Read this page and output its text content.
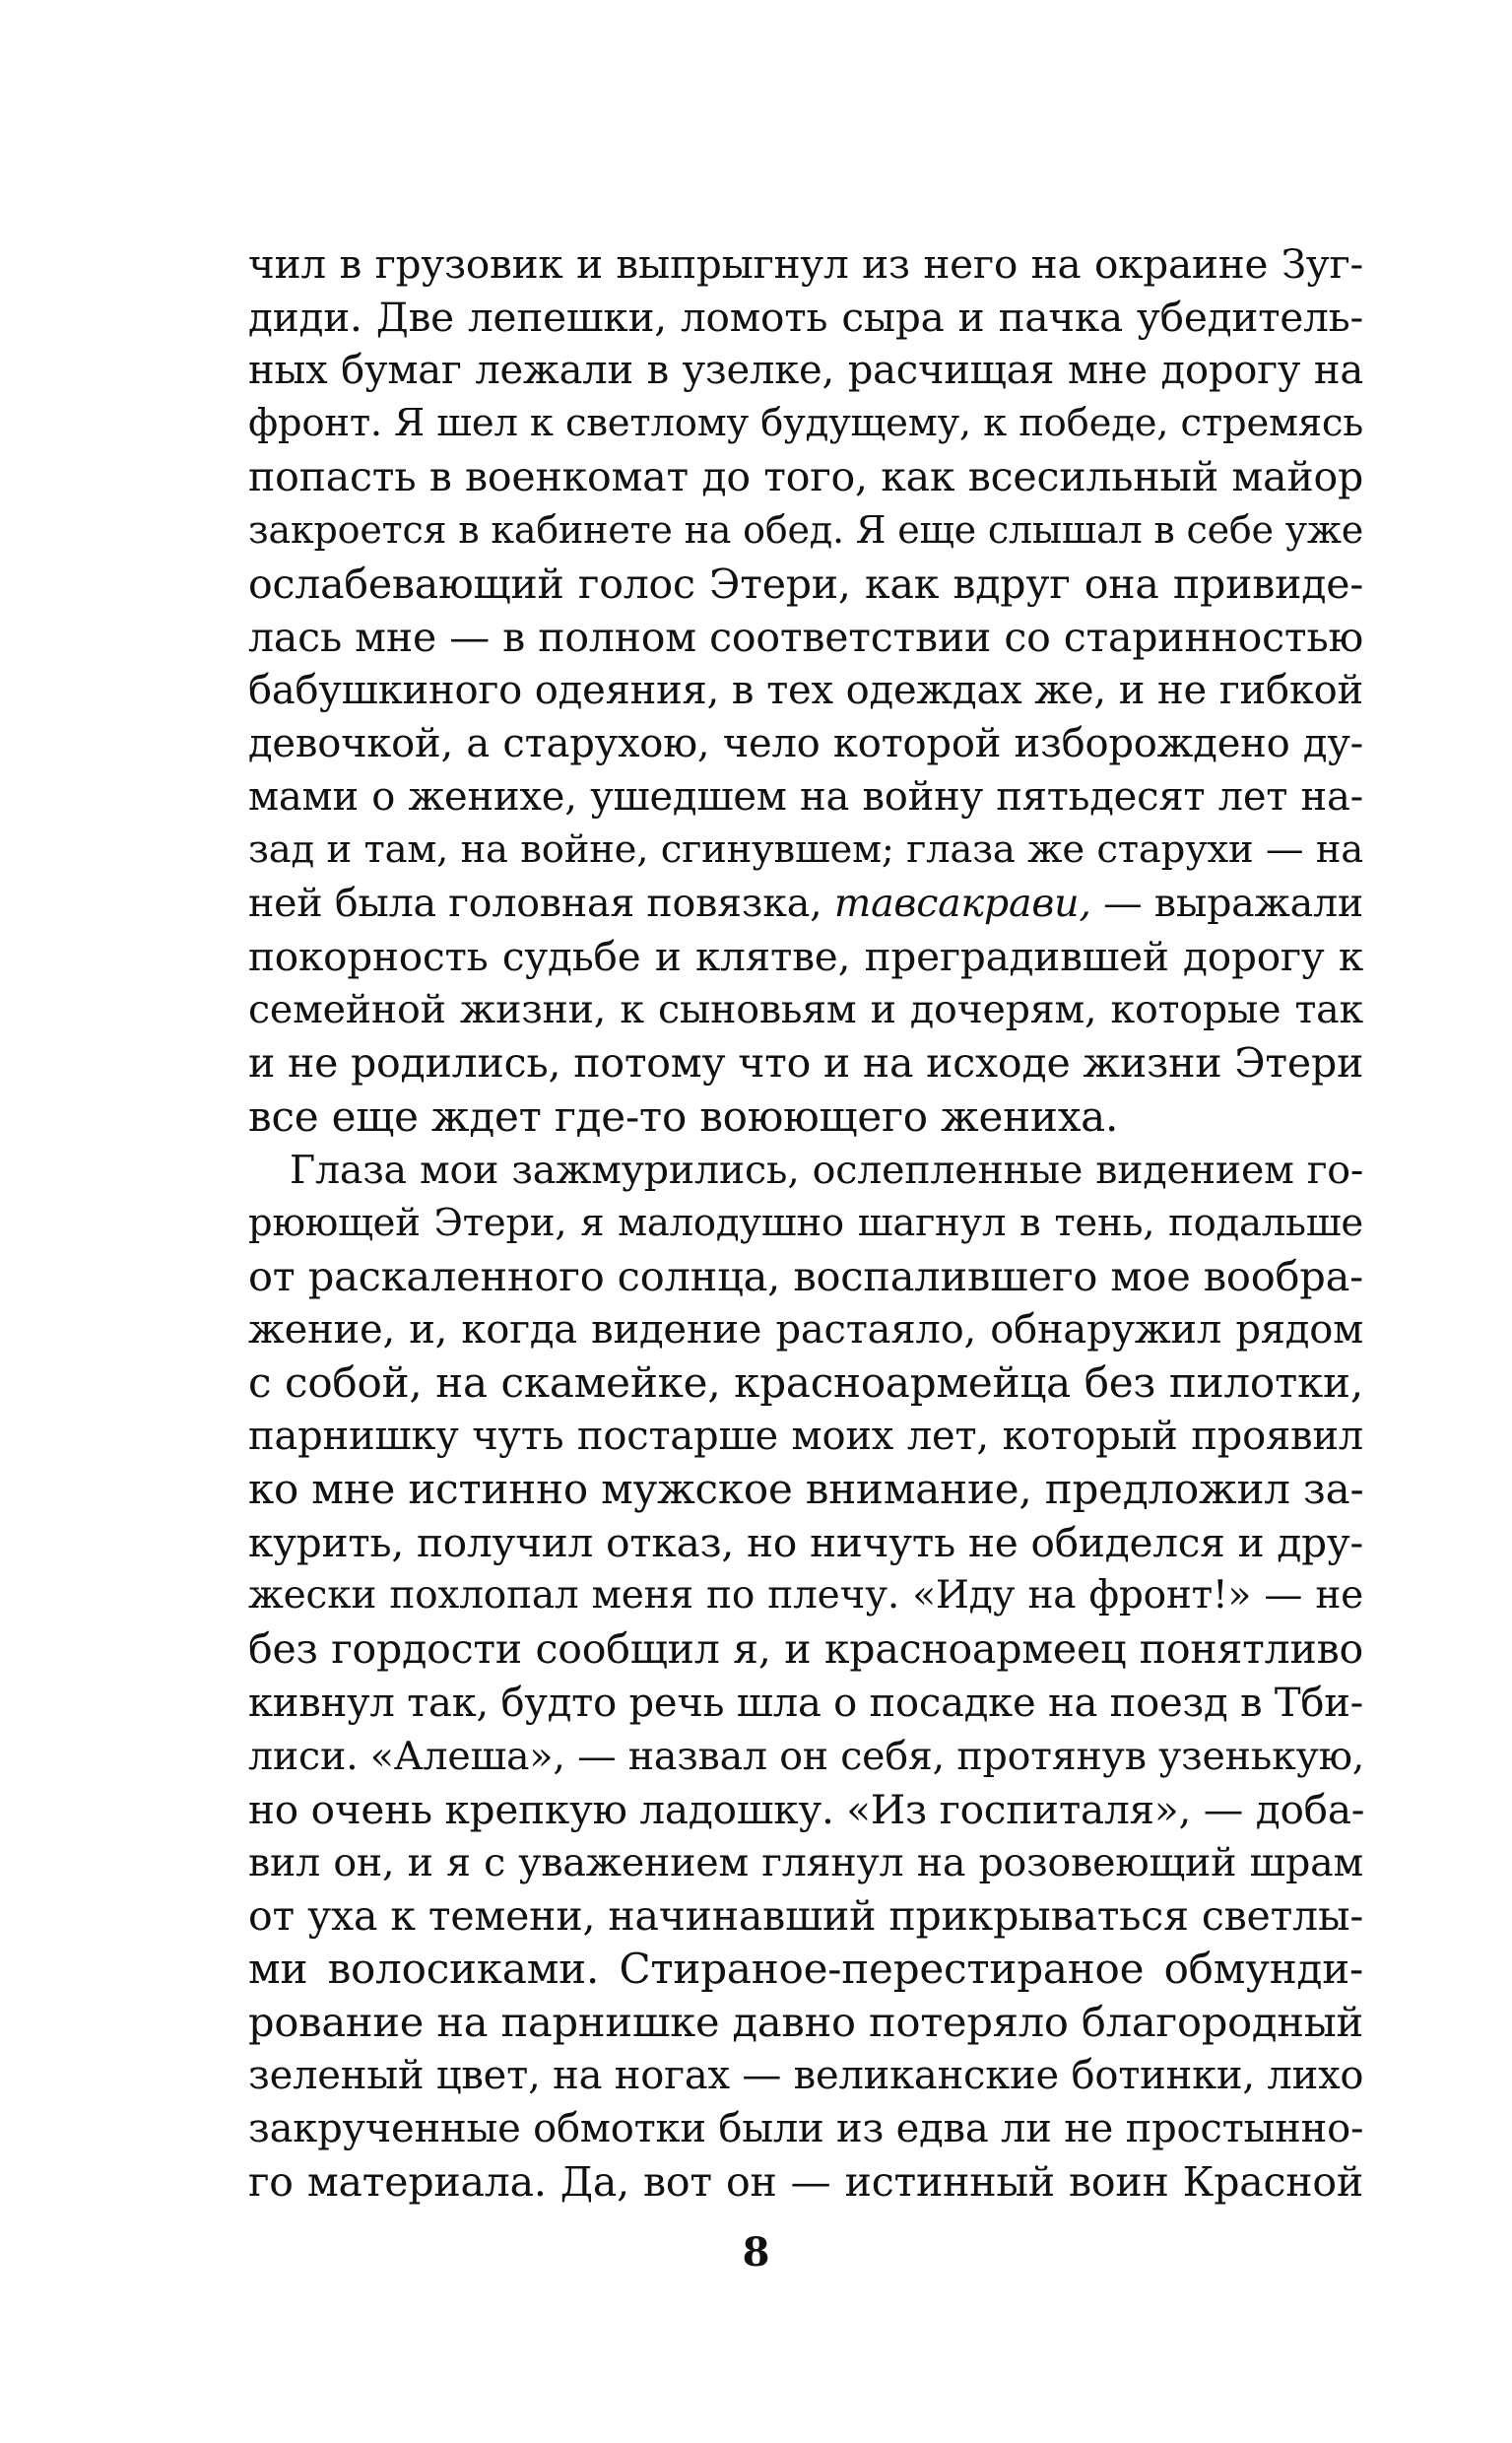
чил в грузовик и выпрыгнул из него на окраине Зуг-
диди. Две лепешки, ломоть сыра и пачка убедитель-
ных бумаг лежали в узелке, расчищая мне дорогу на
фронт. Я шел к светлому будущему, к победе, стремясь
попасть в военкомат до того, как всесильный майор
закроется в кабинете на обед. Я еще слышал в себе уже
ослабевающий голос Этери, как вдруг она привиде-
лась мне — в полном соответствии со старинностью
бабушкиного одеяния, в тех одеждах же, и не гибкой
девочкой, а старухою, чело которой изборождено ду-
мами о женихе, ушедшем на войну пятьдесят лет на-
зад и там, на войне, сгинувшем; глаза же старухи — на
ней была головная повязка, тавсакрави, — выражали
покорность судьбе и клятве, преградившей дорогу к
семейной жизни, к сыновьям и дочерям, которые так
и не родились, потому что и на исходе жизни Этери
все еще ждет где-то воюющего жениха.
Глаза мои зажмурились, ослепленные видением го-
рюющей Этери, я малодушно шагнул в тень, подальше
от раскаленного солнца, воспалившего мое вообра-
жение, и, когда видение растаяло, обнаружил рядом
с собой, на скамейке, красноармейца без пилотки,
парнишку чуть постарше моих лет, который проявил
ко мне истинно мужское внимание, предложил за-
курить, получил отказ, но ничуть не обиделся и дру-
жески похлопал меня по плечу. «Иду на фронт!» — не
без гордости сообщил я, и красноармеец понятливо
кивнул так, будто речь шла о посадке на поезд в Тби-
лиси. «Алеша», — назвал он себя, протянув узенькую,
но очень крепкую ладошку. «Из госпиталя», — доба-
вил он, и я с уважением глянул на розовеющий шрам
от уха к темени, начинавший прикрываться светлы-
ми волосиками. Стираное-перестираное обмунди-
рование на парнишке давно потеряло благородный
зеленый цвет, на ногах — великанские ботинки, лихо
закрученные обмотки были из едва ли не простынно-
го материала. Да, вот он — истинный воин Красной
8
